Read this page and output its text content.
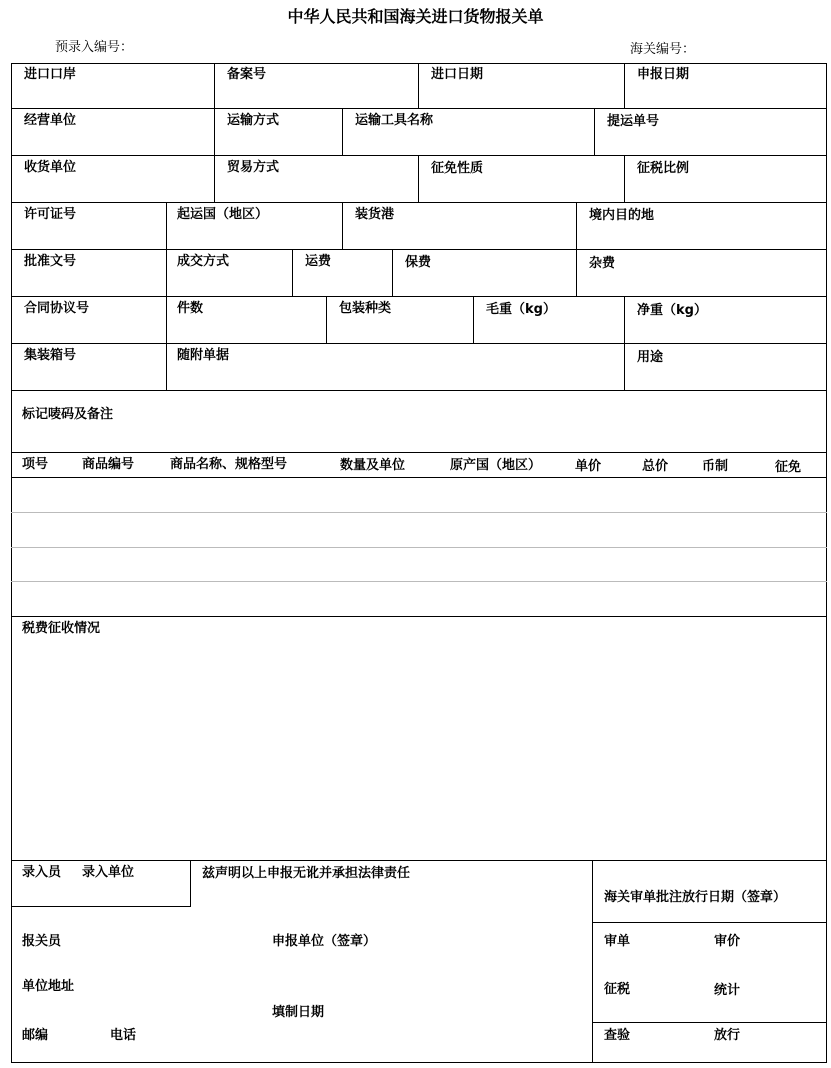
中华人民共和国海关进口货物报关单
预录入编号：	海关编号：
进口口岸	备案号	进口日期	申报日期
经营单位	运输方式	运输工具名称	提运单号
收货单位	贸易方式	征免性质	征税比例
许可证号	起运国（地区）	装货港	境内目的地
批准文号	成交方式	运费	保费	杂费
合同协议号	件数	包装种类	毛重（kg）	净重（kg）
集装箱号	随附单据	用途
标记唛码及备注
项号	商品编号	商品名称、规格型号	数量及单位	原产国（地区）	单价	总价	币制	征免
税费征收情况
录入员 录入单位	兹声明以上申报无讹并承担法律责任
海关审单批注放行日期（签章）
报关员	申报单位（签章）	审单	审价
单位地址	征税	统计
填制日期
邮编	电话	查验	放行
